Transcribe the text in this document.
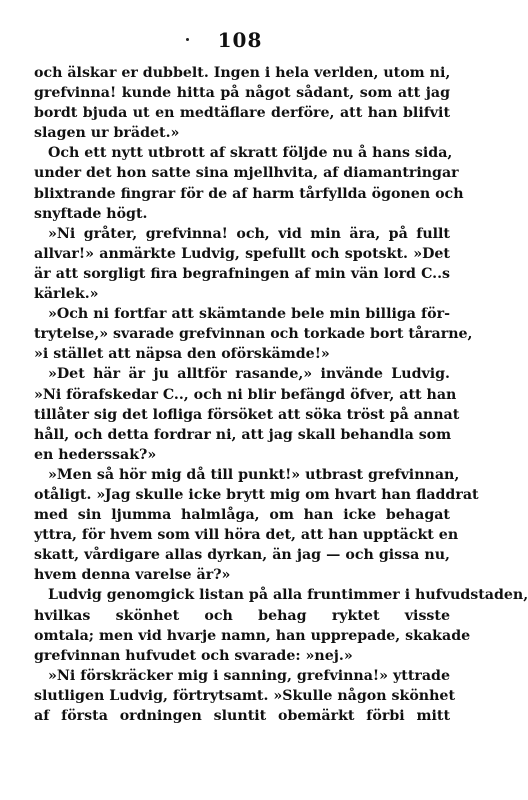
108
och älskar er dubbelt. Ingen i hela verlden, utom ni,
grefvinna! kunde hitta på något sådant, som att jag
bordt bjuda ut en medtäflare derföre, att han blifvit
slagen ur brädet.»
Och ett nytt utbrott af skratt följde nu å hans sida,
under det hon satte sina mjellhvita, af diamantringar
blixtrande fingrar för de af harm tårfyllda ögonen och
snyftade högt.
»Ni gråter, grefvinna! och, vid min ära, på fullt
allvar!» anmärkte Ludvig, spefullt och spotskt. »Det
är att sorgligt fira begrafningen af min vän lord C..s
kärlek.»
»Och ni fortfar att skämtande bele min billiga för-
trytelse,» svarade grefvinnan och torkade bort tårarne,
»i stället att näpsa den oförskämde!»
»Det här är ju alltför rasande,» invände Ludvig.
»Ni förafskedar C.., och ni blir befängd öfver, att han
tillåter sig det lofliga försöket att söka tröst på annat
håll, och detta fordrar ni, att jag skall behandla som
en hederssak?»
»Men så hör mig då till punkt!» utbrast grefvinnan,
otåligt. »Jag skulle icke brytt mig om hvart han fladdrat
med sin ljumma halmlåga, om han icke behagat
yttra, för hvem som vill höra det, att han upptäckt en
skatt, vårdigare allas dyrkan, än jag — och gissa nu,
hvem denna varelse är?»
Ludvig genomgick listan på alla fruntimmer i hufvudstaden,
hvilkas skönhet och behag ryktet visste
omtala; men vid hvarje namn, han upprepade, skakade
grefvinnan hufvudet och svarade: »nej.»
»Ni förskräcker mig i sanning, grefvinna!» yttrade
slutligen Ludvig, förtrytsamt. »Skulle någon skönhet
af första ordningen sluntit obemärkt förbi mitt
